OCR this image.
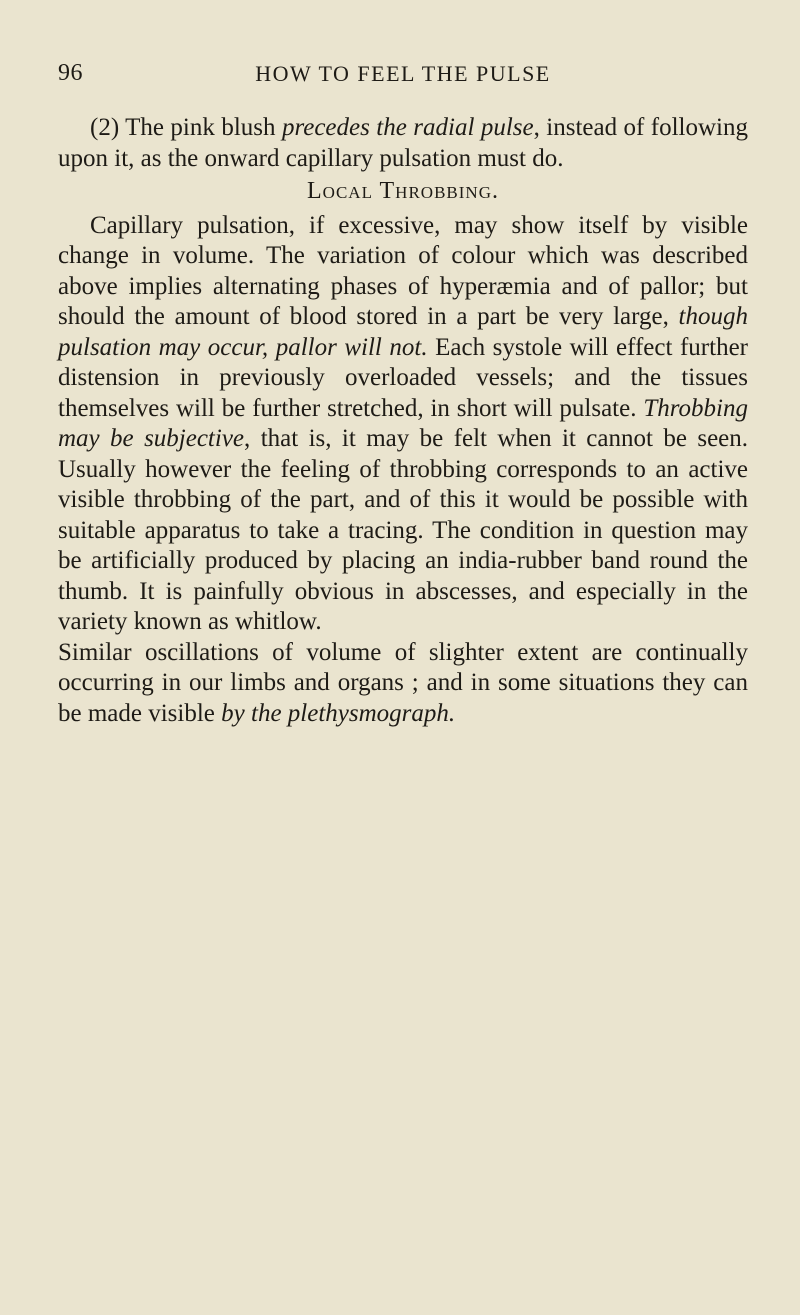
96	HOW TO FEEL THE PULSE

(2) The pink blush precedes the radial pulse, instead of following upon it, as the onward capillary pulsation must do.

Local Throbbing.

Capillary pulsation, if excessive, may show itself by visible change in volume. The variation of colour which was described above implies alternating phases of hyperæmia and of pallor; but should the amount of blood stored in a part be very large, though pulsation may occur, pallor will not. Each systole will effect further distension in previously overloaded vessels; and the tissues themselves will be further stretched, in short will pulsate. Throbbing may be subjective, that is, it may be felt when it cannot be seen. Usually however the feeling of throbbing corresponds to an active visible throbbing of the part, and of this it would be possible with suitable apparatus to take a tracing. The condition in question may be artificially produced by placing an india-rubber band round the thumb. It is painfully obvious in abscesses, and especially in the variety known as whitlow.

Similar oscillations of volume of slighter extent are continually occurring in our limbs and organs ; and in some situations they can be made visible by the plethysmograph.
